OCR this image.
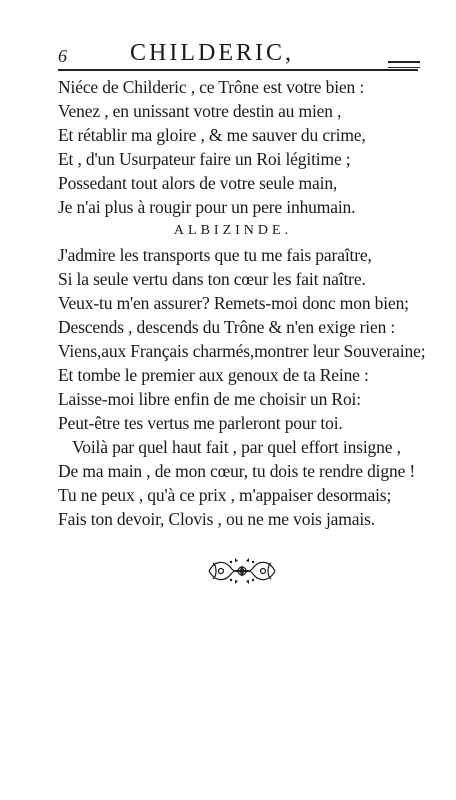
6	CHILDERIC,
Niéce de Childeric , ce Trône est votre bien :
Venez , en unissant votre destin au mien ,
Et rétablir ma gloire , & me sauver du crime,
Et , d'un Usurpateur faire un Roi légitime ;
Possedant tout alors de votre seule main,
Je n'ai plus à rougir pour un pere inhumain.
ALBIZINDE.
J'admire les transports que tu me fais paraître,
Si la seule vertu dans ton cœur les fait naître.
Veux-tu m'en assurer? Remets-moi donc mon bien;
Descends , descends du Trône & n'en exige rien :
Viens,aux Français charmés,montrer leur Souveraine;
Et tombe le premier aux genoux de ta Reine :
Laisse-moi libre enfin de me choisir un Roi:
Peut-être tes vertus me parleront pour toi.
Voilà par quel haut fait , par quel effort insigne ,
De ma main , de mon cœur, tu dois te rendre digne !
Tu ne peux , qu'à ce prix , m'appaiser desormais;
Fais ton devoir, Clovis , ou ne me vois jamais.
